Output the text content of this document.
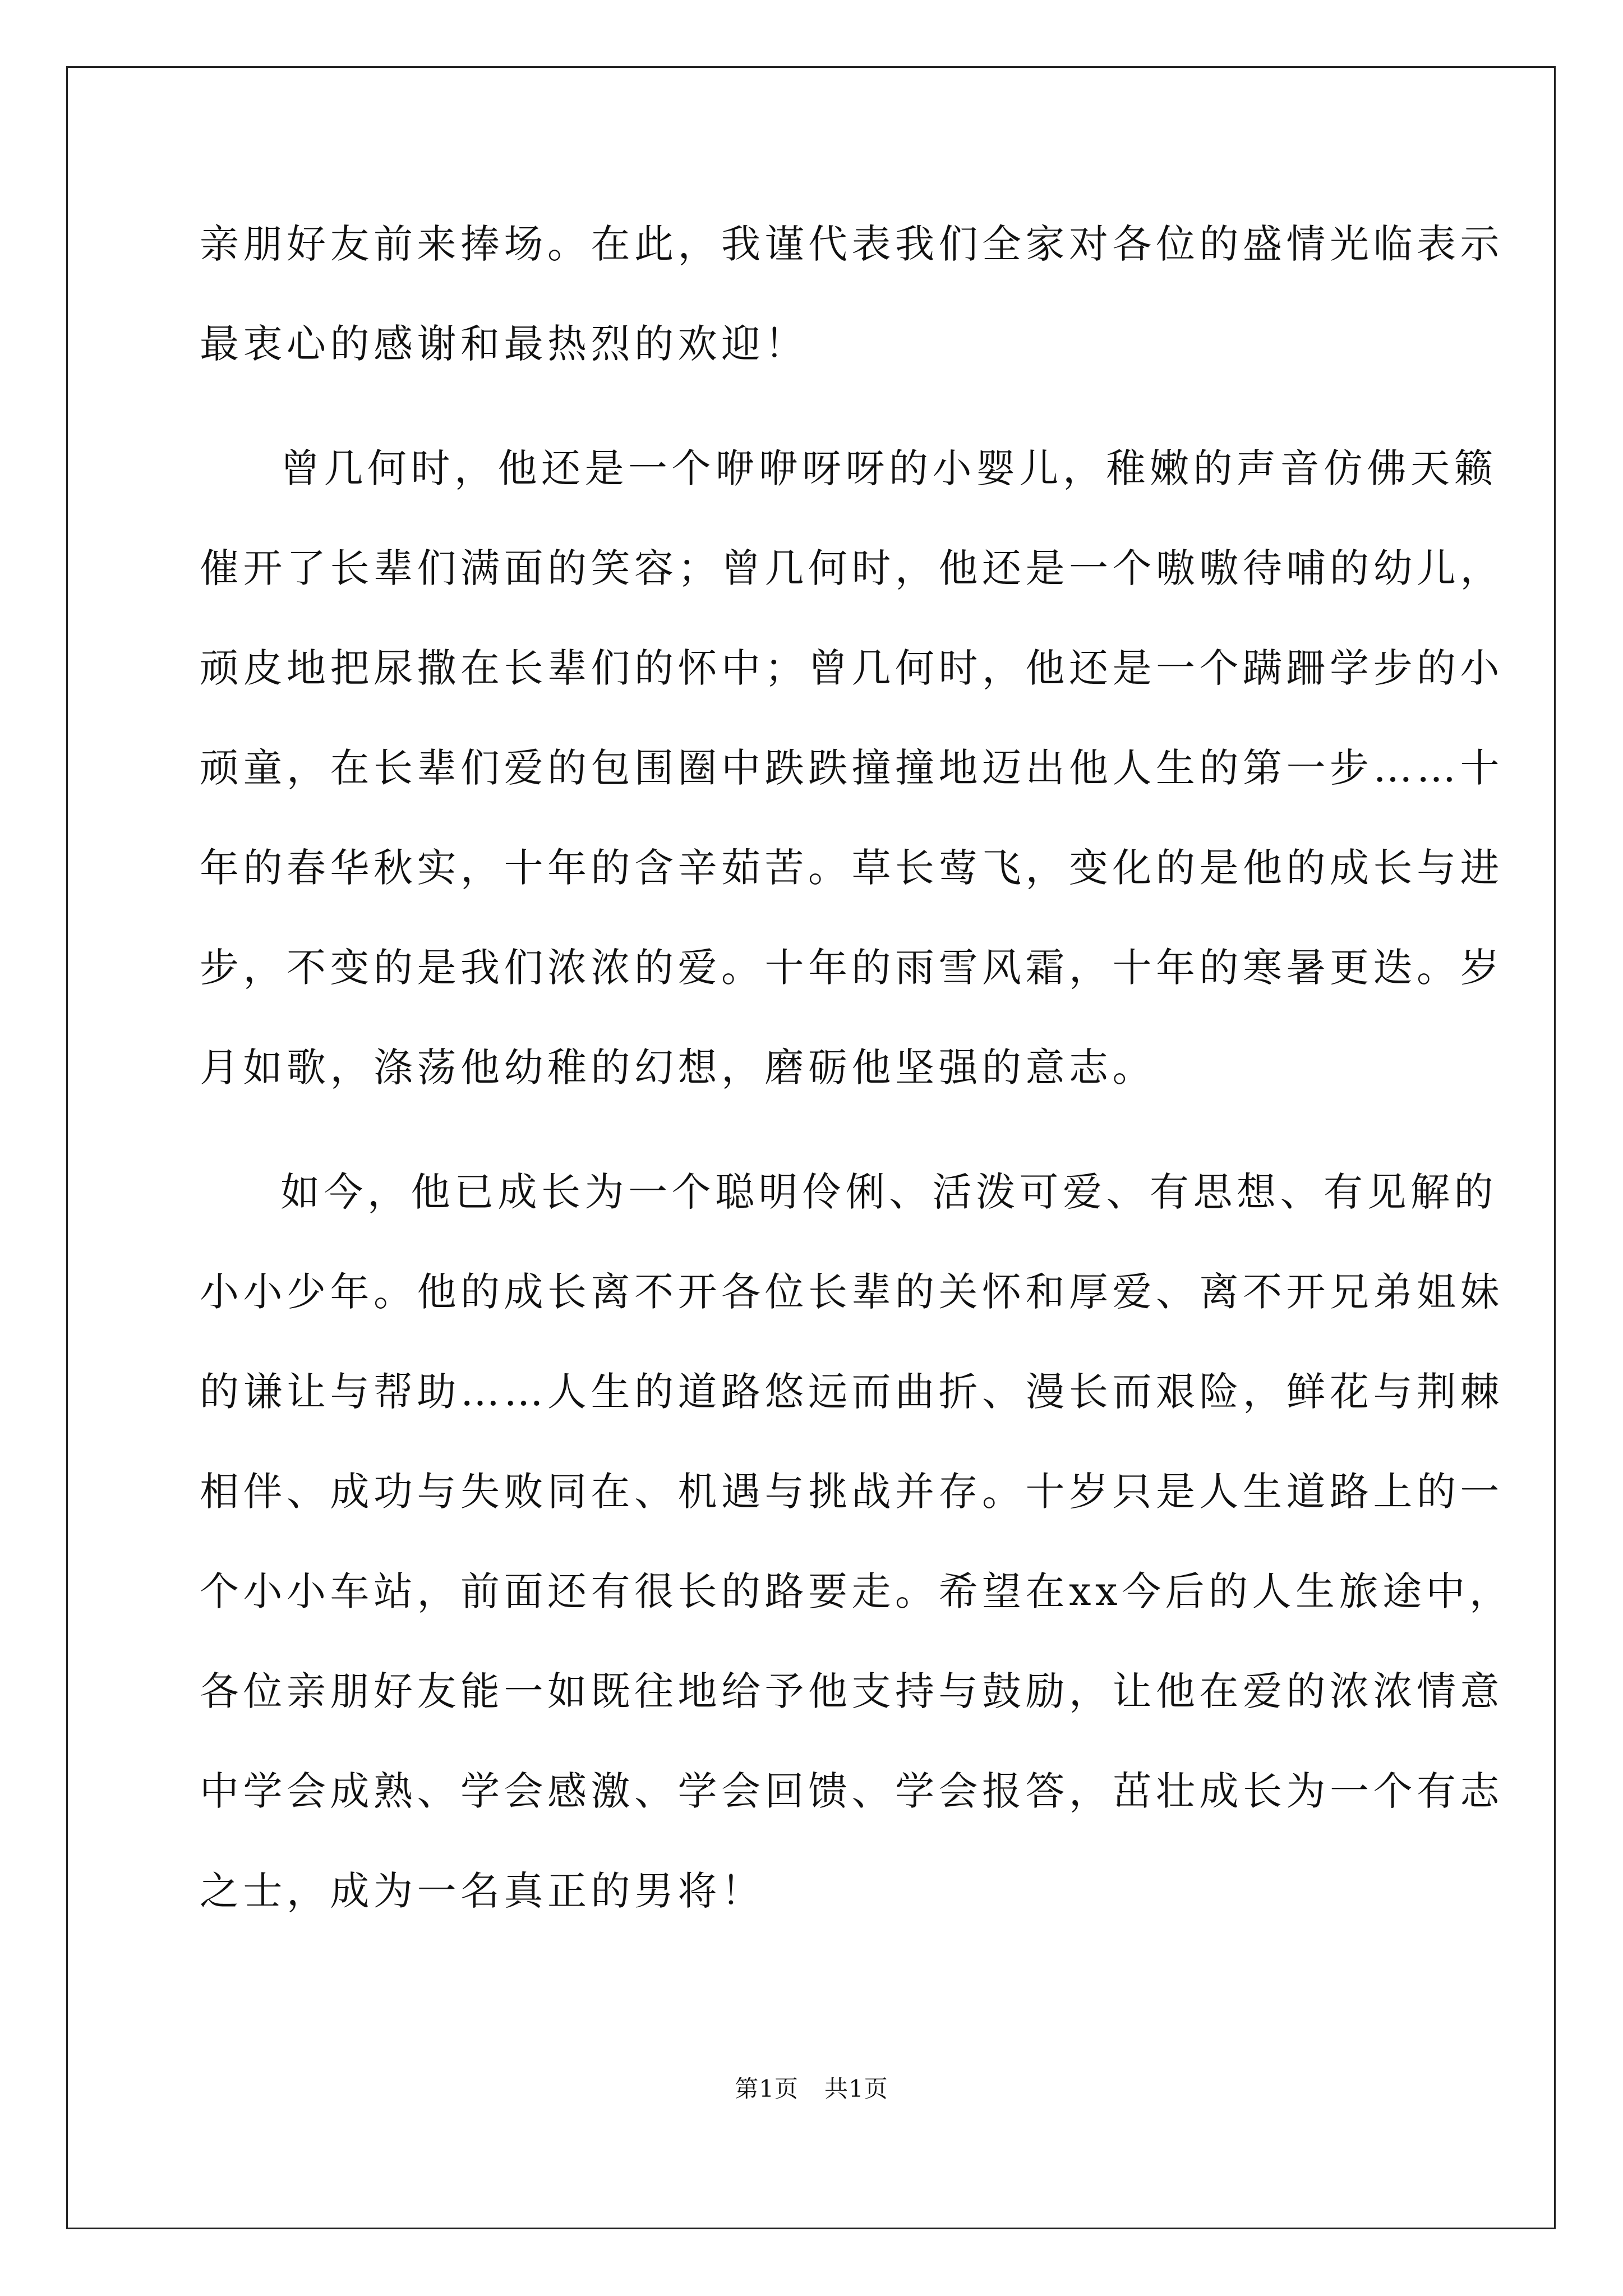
亲朋好友前来捧场。在此，我谨代表我们全家对各位的盛情光临表示
最衷心的感谢和最热烈的欢迎！
曾几何时，他还是一个咿咿呀呀的小婴儿，稚嫩的声音仿佛天籁
催开了长辈们满面的笑容；曾几何时，他还是一个嗷嗷待哺的幼儿，
顽皮地把尿撒在长辈们的怀中；曾几何时，他还是一个蹒跚学步的小
顽童，在长辈们爱的包围圈中跌跌撞撞地迈出他人生的第一步……十
年的春华秋实，十年的含辛茹苦。草长莺飞，变化的是他的成长与进
步，不变的是我们浓浓的爱。十年的雨雪风霜，十年的寒暑更迭。岁
月如歌，涤荡他幼稚的幻想，磨砺他坚强的意志。
如今，他已成长为一个聪明伶俐、活泼可爱、有思想、有见解的
小小少年。他的成长离不开各位长辈的关怀和厚爱、离不开兄弟姐妹
的谦让与帮助……人生的道路悠远而曲折、漫长而艰险，鲜花与荆棘
相伴、成功与失败同在、机遇与挑战并存。十岁只是人生道路上的一
个小小车站，前面还有很长的路要走。希望在xx今后的人生旅途中，
各位亲朋好友能一如既往地给予他支持与鼓励，让他在爱的浓浓情意
中学会成熟、学会感激、学会回馈、学会报答，茁壮成长为一个有志
之士，成为一名真正的男将！
第1页 共1页
